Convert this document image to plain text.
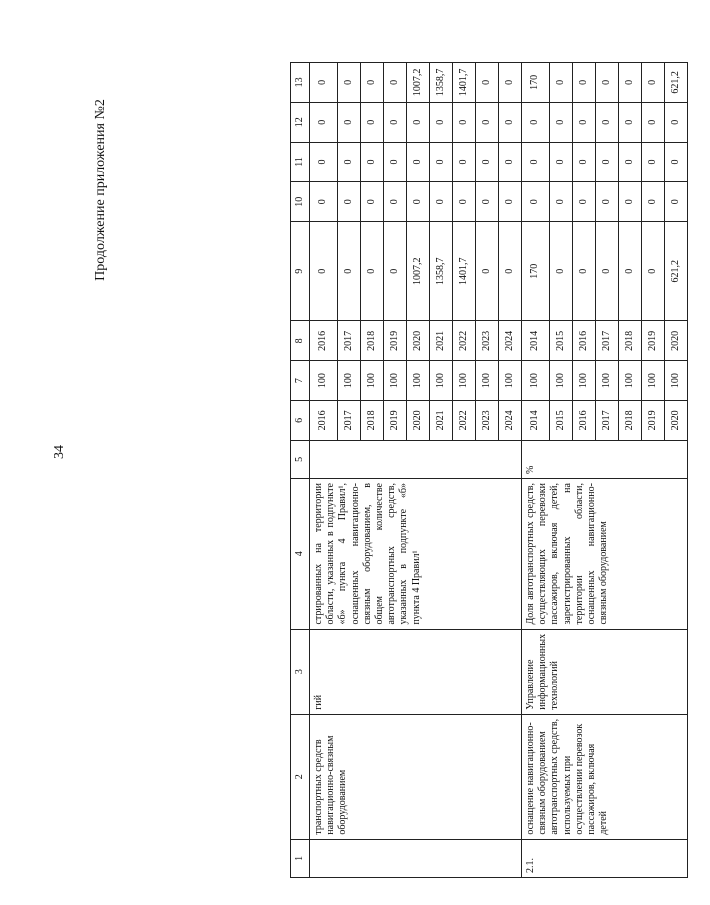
34
Продолжение приложения №2
1	2	3	4	5	6	7	8	9	10	11	12	13
	транспортных средств навигационно-связным оборудованием	гий	стрированных на территории области, указанных в подпункте «б» пункта 4 Правил¹, оснащенных навигационно-связным оборудованием, в общем количестве автотранспортных средств, указанных в подпункте «б» пункта 4 Правил¹		2016	100	2016	0	0	0	0	0
					2017	100	2017	0	0	0	0	0
					2018	100	2018	0	0	0	0	0
					2019	100	2019	0	0	0	0	0
					2020	100	2020	1007,2	0	0	0	1007,2
					2021	100	2021	1358,7	0	0	0	1358,7
					2022	100	2022	1401,7	0	0	0	1401,7
					2023	100	2023	0	0	0	0	0
					2024	100	2024	0	0	0	0	0
2.1.	оснащение навигационно-связным оборудованием автотранспортных средств, используемых при осуществлении перевозок пассажиров, включая детей	Управление информационных технологий	Доля автотранспортных средств, осуществляющих перевозки пассажиров, включая детей, зарегистрированных на территории области, оснащенных навигационно-связным оборудованием	%	2014	100	2014	170	0	0	0	170
					2015	100	2015	0	0	0	0	0
					2016	100	2016	0	0	0	0	0
					2017	100	2017	0	0	0	0	0
					2018	100	2018	0	0	0	0	0
					2019	100	2019	0	0	0	0	0
					2020	100	2020	621,2	0	0	0	621,2
